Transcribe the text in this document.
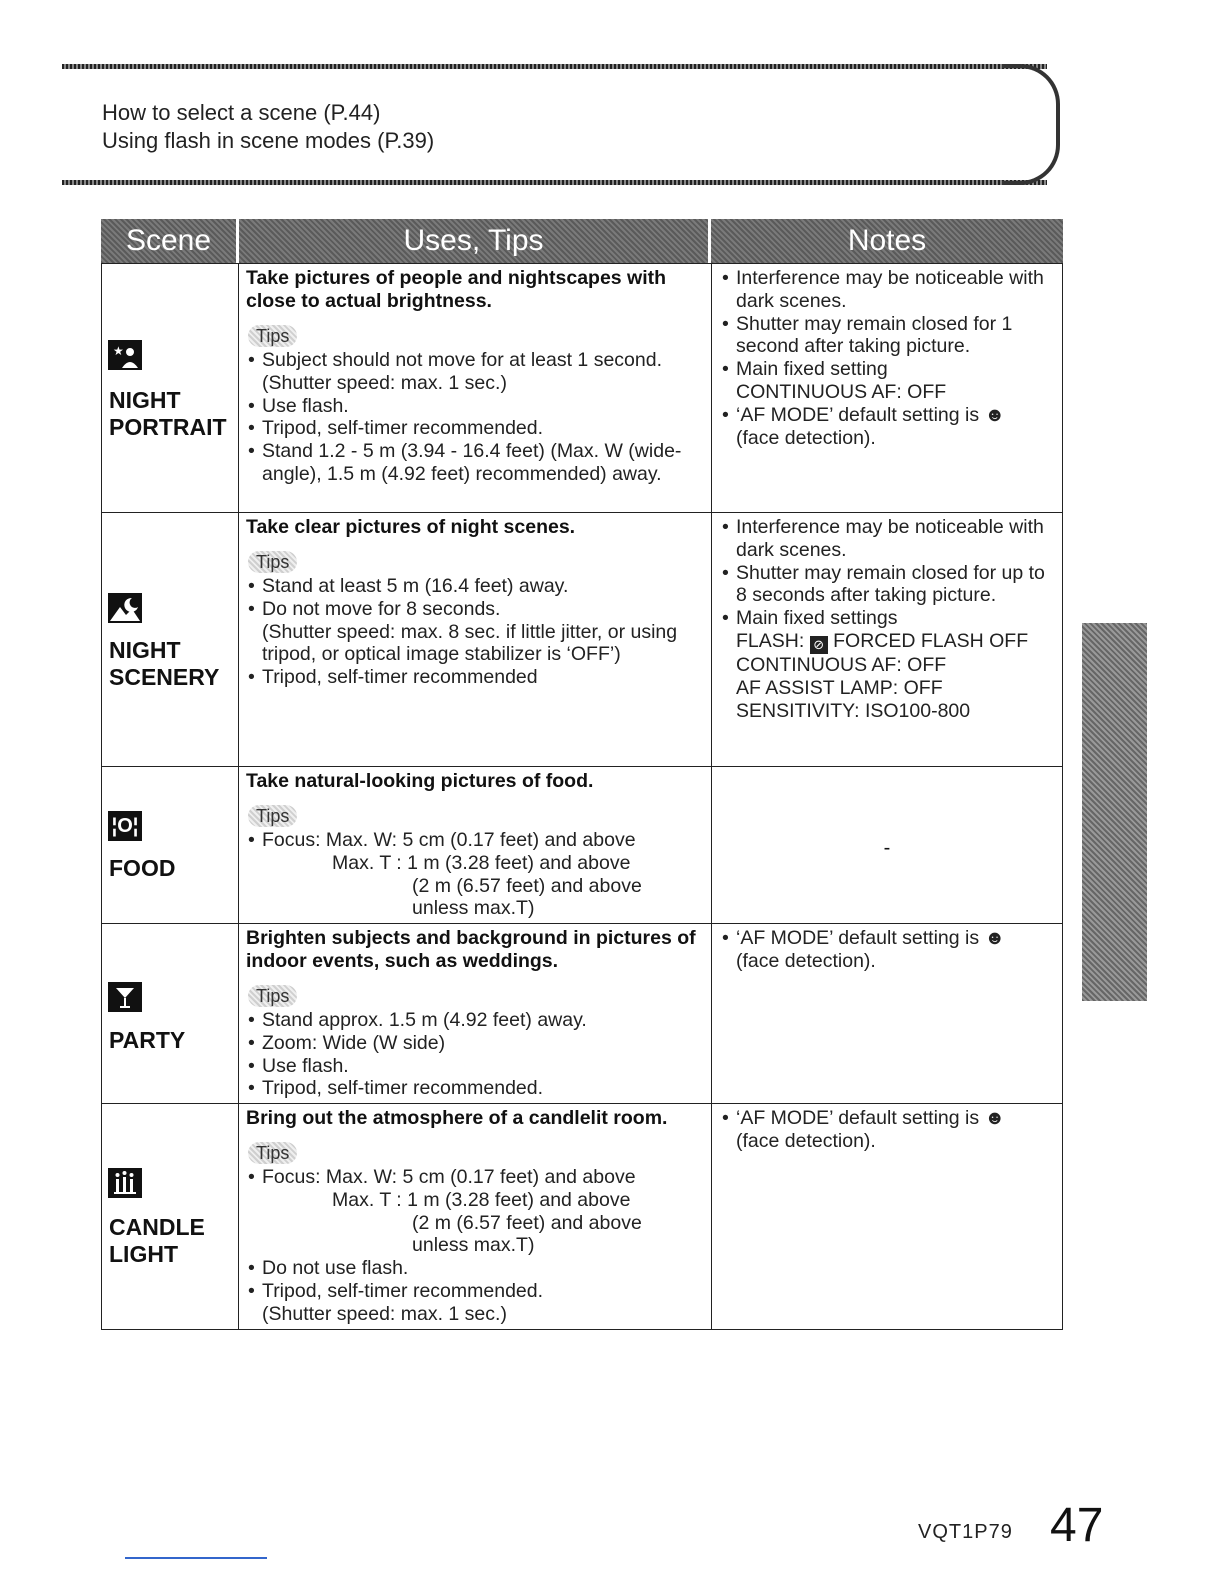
How to select a scene (P.44)
Using flash in scene modes (P.39)
Scene	Uses, Tips	Notes
★
NIGHT
PORTRAIT

Take pictures of people and nightscapes with close to actual brightness.

Tips
• Subject should not move for at least 1 second.
(Shutter speed: max. 1 sec.)
• Use flash.
• Tripod, self-timer recommended.
• Stand 1.2 - 5 m (3.94 - 16.4 feet) (Max. W (wide-angle), 1.5 m (4.92 feet) recommended) away.
• Interference may be noticeable with dark scenes.
• Shutter may remain closed for 1 second after taking picture.
• Main fixed setting
CONTINUOUS AF: OFF
• ‘AF MODE’ default setting is ☻
(face detection).
NIGHT
SCENERY

Take clear pictures of night scenes.

Tips
• Stand at least 5 m (16.4 feet) away.
• Do not move for 8 seconds.
(Shutter speed: max. 8 sec. if little jitter, or using tripod, or optical image stabilizer is ‘OFF’)
• Tripod, self-timer recommended
• Interference may be noticeable with dark scenes.
• Shutter may remain closed for up to 8 seconds after taking picture.
• Main fixed settings
FLASH: ⊘ FORCED FLASH OFF
CONTINUOUS AF: OFF
AF ASSIST LAMP: OFF
SENSITIVITY: ISO100-800
¦O¦
FOOD

Take natural-looking pictures of food.

Tips
• Focus: Max. W: 5 cm (0.17 feet) and above
Max. T : 1 m (3.28 feet) and above
(2 m (6.57 feet) and above
unless max.T)
-
PARTY

Brighten subjects and background in pictures of indoor events, such as weddings.

Tips
• Stand approx. 1.5 m (4.92 feet) away.
• Zoom: Wide (W side)
• Use flash.
• Tripod, self-timer recommended.
• ‘AF MODE’ default setting is ☻
(face detection).
CANDLE
LIGHT

Bring out the atmosphere of a candlelit room.

Tips
• Focus: Max. W: 5 cm (0.17 feet) and above
Max. T : 1 m (3.28 feet) and above
(2 m (6.57 feet) and above
unless max.T)
• Do not use flash.
• Tripod, self-timer recommended.
(Shutter speed: max. 1 sec.)
• ‘AF MODE’ default setting is ☻
(face detection).
VQT1P79 47
